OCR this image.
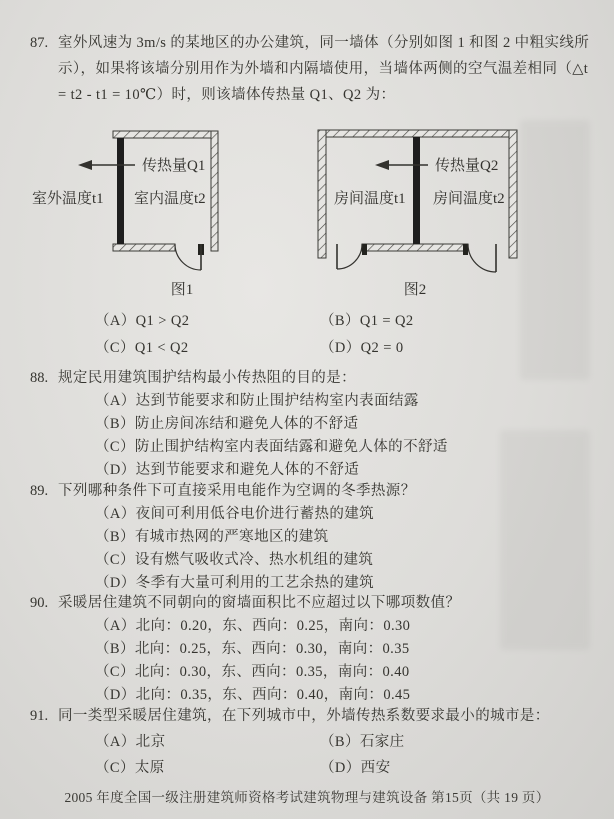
87. 室外风速为 3m/s 的某地区的办公建筑，同一墙体（分别如图 1 和图 2 中粗实线所示），如果将该墙分别用作为外墙和内隔墙使用，当墙体两侧的空气温差相同（△t = t2 - t1 = 10℃）时，则该墙体传热量 Q1、Q2 为：
传热量Q1
室外温度t1 室内温度t2
图1
传热量Q2
房间温度t1 房间温度t2
图2
（A）Q1 > Q2	（B）Q1 = Q2
（C）Q1 < Q2	（D）Q2 = 0
88. 规定民用建筑围护结构最小传热阻的目的是：
（A）达到节能要求和防止围护结构室内表面结露
（B）防止房间冻结和避免人体的不舒适
（C）防止围护结构室内表面结露和避免人体的不舒适
（D）达到节能要求和避免人体的不舒适
89. 下列哪种条件下可直接采用电能作为空调的冬季热源？
（A）夜间可利用低谷电价进行蓄热的建筑
（B）有城市热网的严寒地区的建筑
（C）设有燃气吸收式冷、热水机组的建筑
（D）冬季有大量可利用的工艺余热的建筑
90. 采暖居住建筑不同朝向的窗墙面积比不应超过以下哪项数值？
（A）北向：0.20，东、西向：0.25，南向：0.30
（B）北向：0.25，东、西向：0.30，南向：0.35
（C）北向：0.30，东、西向：0.35，南向：0.40
（D）北向：0.35，东、西向：0.40，南向：0.45
91. 同一类型采暖居住建筑，在下列城市中，外墙传热系数要求最小的城市是：
（A）北京	（B）石家庄
（C）太原	（D）西安
2005 年度全国一级注册建筑师资格考试建筑物理与建筑设备 第15页（共 19 页）
